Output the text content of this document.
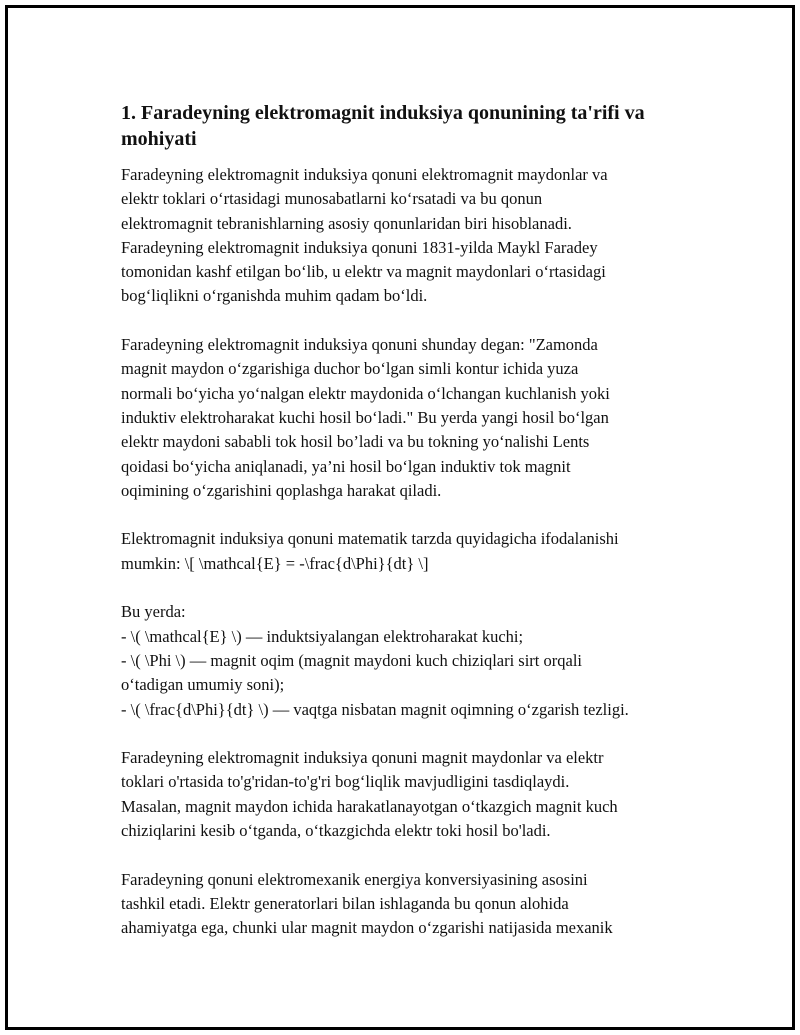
1. Faradeyning elektromagnit induksiya qonunining ta'rifi va
mohiyati

Faradeyning elektromagnit induksiya qonuni elektromagnit maydonlar va
elektr toklari o‘rtasidagi munosabatlarni ko‘rsatadi va bu qonun
elektromagnit tebranishlarning asosiy qonunlaridan biri hisoblanadi.
Faradeyning elektromagnit induksiya qonuni 1831-yilda Maykl Faradey
tomonidan kashf etilgan bo‘lib, u elektr va magnit maydonlari o‘rtasidagi
bog‘liqlikni o‘rganishda muhim qadam bo‘ldi.

Faradeyning elektromagnit induksiya qonuni shunday degan: "Zamonda
magnit maydon o‘zgarishiga duchor bo‘lgan simli kontur ichida yuza
normali bo‘yicha yo‘nalgan elektr maydonida o‘lchangan kuchlanish yoki
induktiv elektroharakat kuchi hosil bo‘ladi." Bu yerda yangi hosil bo‘lgan
elektr maydoni sababli tok hosil bo’ladi va bu tokning yo‘nalishi Lents
qoidasi bo‘yicha aniqlanadi, ya’ni hosil bo‘lgan induktiv tok magnit
oqimining o‘zgarishini qoplashga harakat qiladi.

Elektromagnit induksiya qonuni matematik tarzda quyidagicha ifodalanishi
mumkin: \[ \mathcal{E} = -\frac{d\Phi}{dt} \]

Bu yerda:
- \( \mathcal{E} \) — induktsiyalangan elektroharakat kuchi;
- \( \Phi \) — magnit oqim (magnit maydoni kuch chiziqlari sirt orqali
o‘tadigan umumiy soni);
- \( \frac{d\Phi}{dt} \) — vaqtga nisbatan magnit oqimning o‘zgarish tezligi.

Faradeyning elektromagnit induksiya qonuni magnit maydonlar va elektr
toklari o'rtasida to'g'ridan-to'g'ri bog‘liqlik mavjudligini tasdiqlaydi.
Masalan, magnit maydon ichida harakatlanayotgan o‘tkazgich magnit kuch
chiziqlarini kesib o‘tganda, o‘tkazgichda elektr toki hosil bo'ladi.

Faradeyning qonuni elektromexanik energiya konversiyasining asosini
tashkil etadi. Elektr generatorlari bilan ishlaganda bu qonun alohida
ahamiyatga ega, chunki ular magnit maydon o‘zgarishi natijasida mexanik
